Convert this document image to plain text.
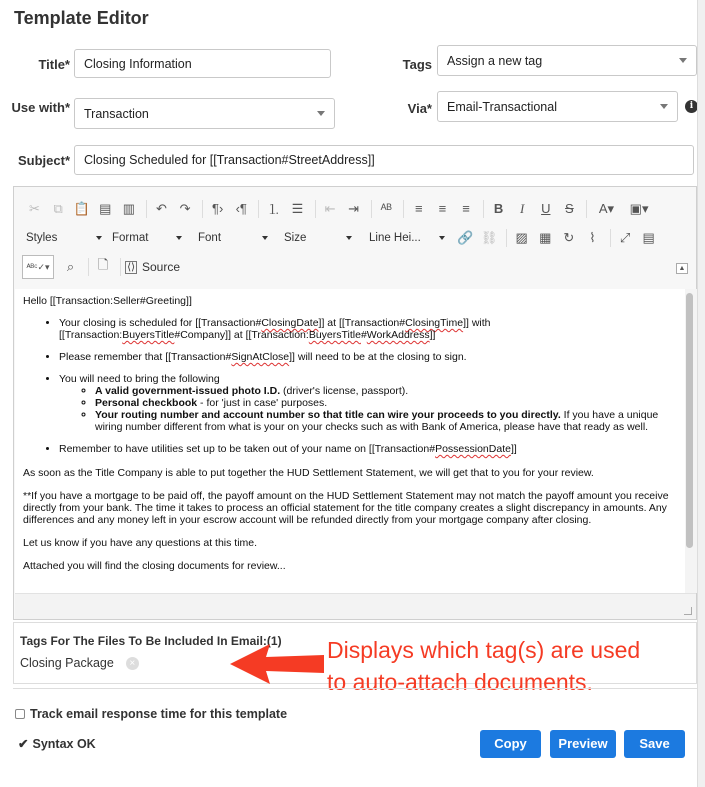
Template Editor
Title* Closing Information	Tags Assign a new tag
Use with* Transaction	Via* Email-Transactional	i
Subject* Closing Scheduled for [[Transaction#StreetAddress]]
✂	⧉ 📋 ▤ ▥	↶ ↷	¶› ‹¶	⒈ ☰	⇤ ⇥	ᴬᴮ	≡	≡	≡	B	I	U	S	A▾	▣▾
Styles	Format	Font	Size	Line Hei...	🔗 ⛓	▨ ▦ ↻	⌇	⤢ ▤
ᴬᴮᶜ✓▾	⌕	🗋	⟨⟩ Source	▲

Hello [[Transaction:Seller#Greeting]]

• Your closing is scheduled for [[Transaction#ClosingDate]] at [[Transaction#ClosingTime]] with
[[Transaction:BuyersTitle#Company]] at [[Transaction:BuyersTitle#WorkAddress]]
• Please remember that [[Transaction#SignAtClose]] will need to be at the closing to sign.
• You will need to bring the following
◦ A valid government-issued photo I.D. (driver's license, passport).
◦ Personal checkbook - for 'just in case' purposes.
◦ Your routing number and account number so that title can wire your proceeds to you directly. If you have a unique wiring number different from what is your on your checks such as with Bank of America, please have that ready as well.
• Remember to have utilities set up to be taken out of your name on [[Transaction#PossessionDate]]

As soon as the Title Company is able to put together the HUD Settlement Statement, we will get that to you for your review.

**If you have a mortgage to be paid off, the payoff amount on the HUD Settlement Statement may not match the payoff amount you receive directly from your bank. The time it takes to process an official statement for the title company creates a slight discrepancy in amounts. Any differences and any money left in your escrow account will be refunded directly from your mortgage company after closing.

Let us know if you have any questions at this time.

Attached you will find the closing documents for review...

Tags For The Files To Be Included In Email:(1)
Closing Package	×	Displays which tag(s) are used
to auto-attach documents.
Track email response time for this template
✔ Syntax OK	Copy	Preview	Save
